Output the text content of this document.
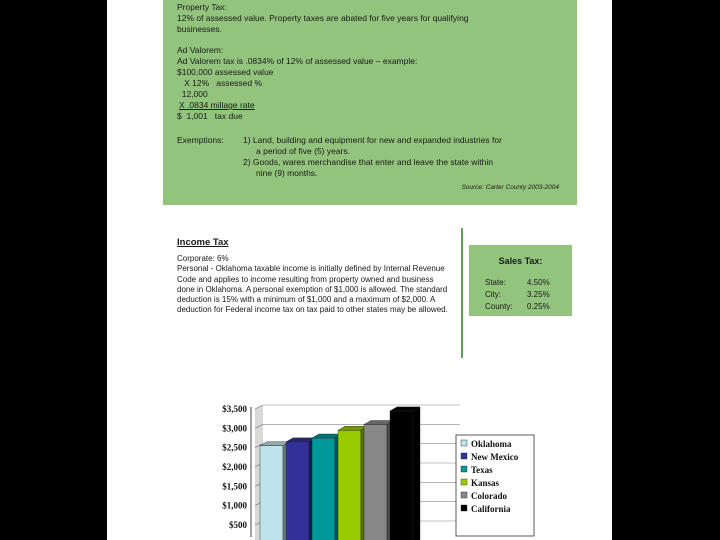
Property Tax:
12% of assessed value. Property taxes are abated for five years for qualifying
businesses.
Ad Valorem:
Ad Valorem tax is .0834% of 12% of assessed value – example:
$100,000 assessed value
X 12%   assessed %
12,000
X .0834 millage rate
$  1,001   tax due
Exemptions: 1) Land, building and equipment for new and expanded industries for
a period of five (5) years.
2) Goods, wares merchandise that enter and leave the state within
nine (9) months.
Source: Carter County 2003-2004
Income Tax

Corporate: 6%

Personal - Oklahoma taxable income is initially defined by Internal Revenue Code and applies to income resulting from property owned and business done in Oklahoma. A personal exemption of $1,000 is allowed. The standard deduction is 15% with a minimum of $1,000 and a maximum of $2,000. A deduction for Federal income tax on tax paid to other states may be allowed.

Sales Tax:
State:	4.50%
City:	3.25%
County: 0.25%
$500
$1,000
$1,500
$2,000
$2,500
$3,000
$3,500
Oklahoma
New Mexico
Texas
Kansas
Colorado
California
